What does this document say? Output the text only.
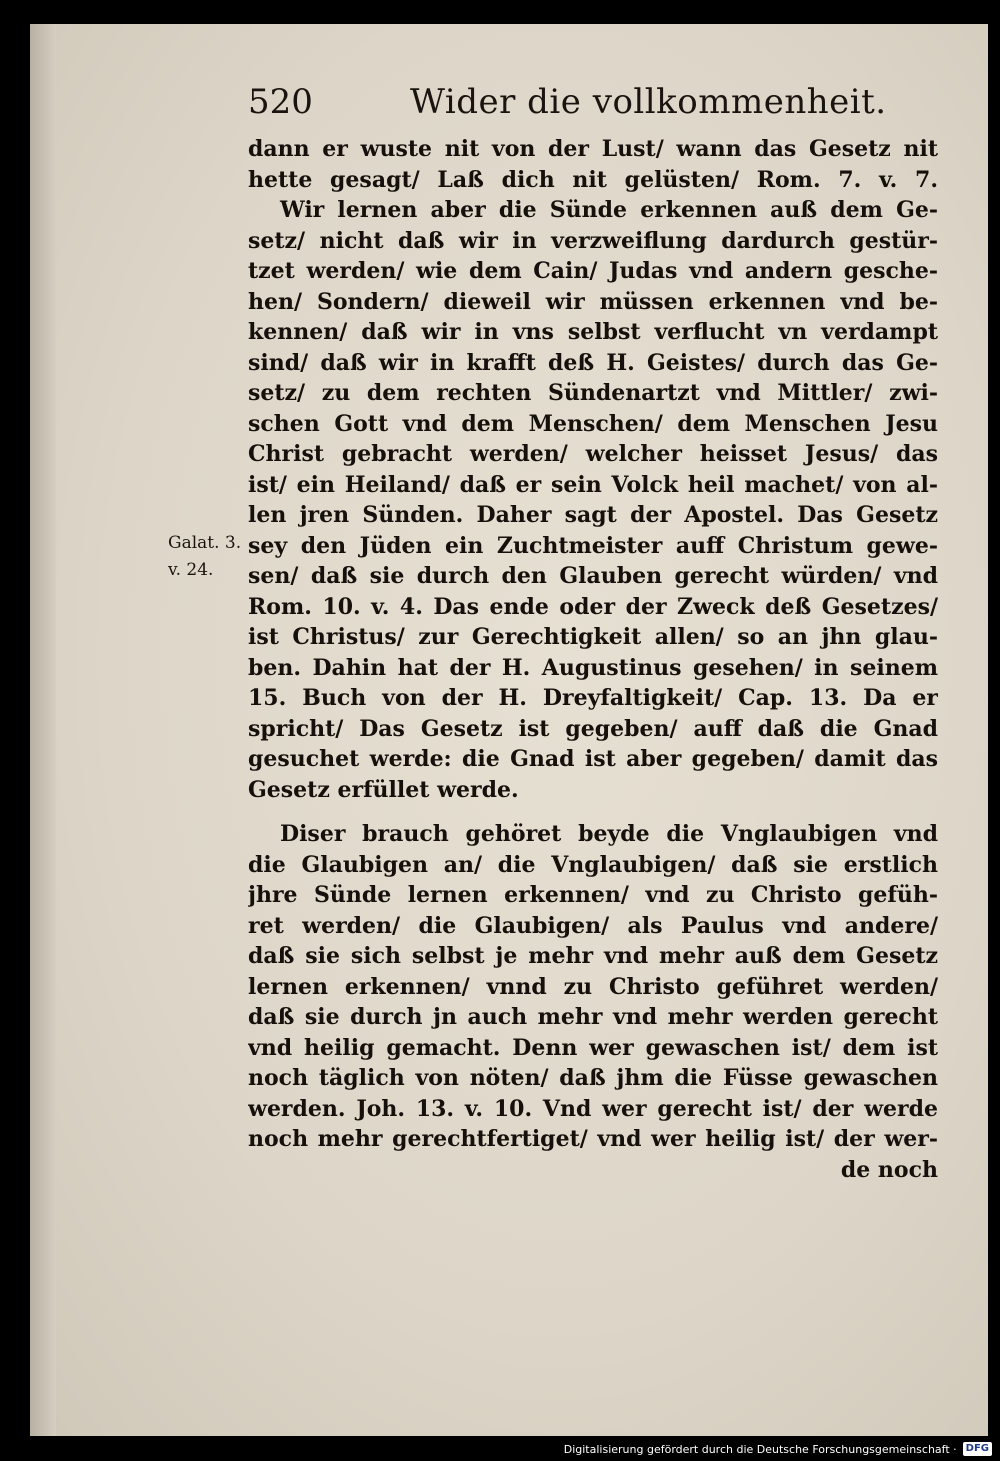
520	Wider die vollkommenheit.
Galat. 3.
v. 24.
dann er wuste nit von der Lust/ wann das Gesetz nit
hette gesagt/ Laß dich nit gelüsten/ Rom. 7. v. 7.
Wir lernen aber die Sünde erkennen auß dem Ge-
setz/ nicht daß wir in verzweiflung dardurch gestür-
tzet werden/ wie dem Cain/ Judas vnd andern gesche-
hen/ Sondern/ dieweil wir müssen erkennen vnd be-
kennen/ daß wir in vns selbst verflucht vn verdampt
sind/ daß wir in krafft deß H. Geistes/ durch das Ge-
setz/ zu dem rechten Sündenartzt vnd Mittler/ zwi-
schen Gott vnd dem Menschen/ dem Menschen Jesu
Christ gebracht werden/ welcher heisset Jesus/ das
ist/ ein Heiland/ daß er sein Volck heil machet/ von al-
len jren Sünden. Daher sagt der Apostel. Das Gesetz
sey den Jüden ein Zuchtmeister auff Christum gewe-
sen/ daß sie durch den Glauben gerecht würden/ vnd
Rom. 10. v. 4. Das ende oder der Zweck deß Gesetzes/
ist Christus/ zur Gerechtigkeit allen/ so an jhn glau-
ben. Dahin hat der H. Augustinus gesehen/ in seinem
15. Buch von der H. Dreyfaltigkeit/ Cap. 13. Da er
spricht/ Das Gesetz ist gegeben/ auff daß die Gnad
gesuchet werde: die Gnad ist aber gegeben/ damit das
Gesetz erfüllet werde.
Diser brauch gehöret beyde die Vnglaubigen vnd
die Glaubigen an/ die Vnglaubigen/ daß sie erstlich
jhre Sünde lernen erkennen/ vnd zu Christo gefüh-
ret werden/ die Glaubigen/ als Paulus vnd andere/
daß sie sich selbst je mehr vnd mehr auß dem Gesetz
lernen erkennen/ vnnd zu Christo geführet werden/
daß sie durch jn auch mehr vnd mehr werden gerecht
vnd heilig gemacht. Denn wer gewaschen ist/ dem ist
noch täglich von nöten/ daß jhm die Füsse gewaschen
werden. Joh. 13. v. 10. Vnd wer gerecht ist/ der werde
noch mehr gerechtfertiget/ vnd wer heilig ist/ der wer-
de noch
Digitalisierung gefördert durch die Deutsche Forschungsgemeinschaft · DFG
